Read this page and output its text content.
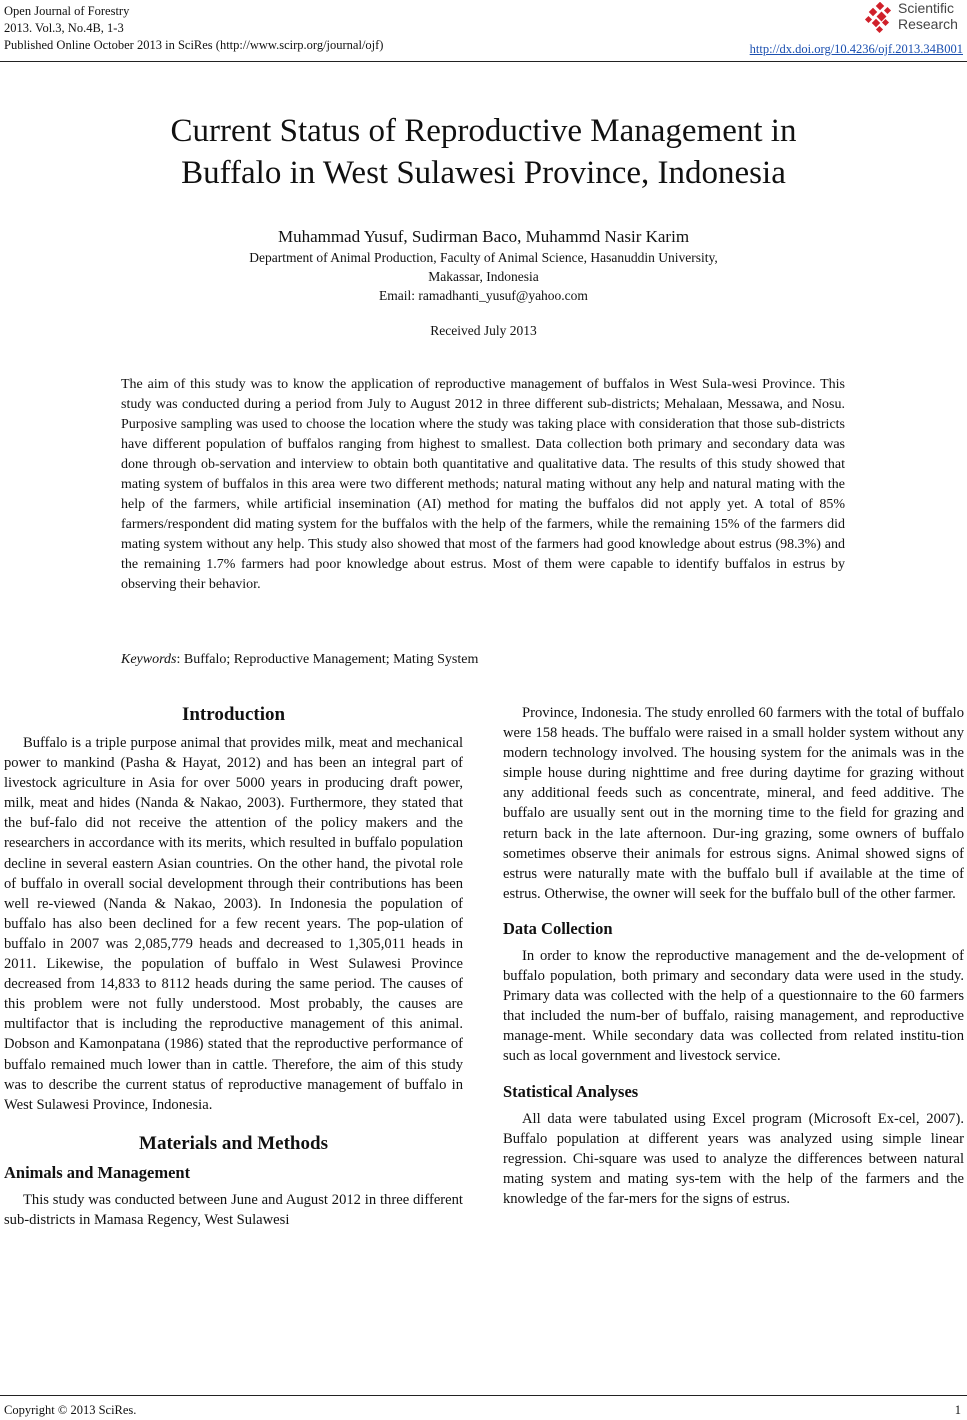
Open Journal of Forestry
2013. Vol.3, No.4B, 1-3
Published Online October 2013 in SciRes (http://www.scirp.org/journal/ojf)
Scientific
Research
http://dx.doi.org/10.4236/ojf.2013.34B001
Current Status of Reproductive Management in
Buffalo in West Sulawesi Province, Indonesia
Muhammad Yusuf, Sudirman Baco, Muhammd Nasir Karim
Department of Animal Production, Faculty of Animal Science, Hasanuddin University,
Makassar, Indonesia
Email: ramadhanti_yusuf@yahoo.com
Received July 2013
The aim of this study was to know the application of reproductive management of buffalos in West Sula-wesi Province. This study was conducted during a period from July to August 2012 in three different sub-districts; Mehalaan, Messawa, and Nosu. Purposive sampling was used to choose the location where the study was taking place with consideration that those sub-districts have different population of buffalos ranging from highest to smallest. Data collection both primary and secondary data was done through ob-servation and interview to obtain both quantitative and qualitative data. The results of this study showed that mating system of buffalos in this area were two different methods; natural mating without any help and natural mating with the help of the farmers, while artificial insemination (AI) method for mating the buffalos did not apply yet. A total of 85% farmers/respondent did mating system for the buffalos with the help of the farmers, while the remaining 15% of the farmers did mating system without any help. This study also showed that most of the farmers had good knowledge about estrus (98.3%) and the remaining 1.7% farmers had poor knowledge about estrus. Most of them were capable to identify buffalos in estrus by observing their behavior.
Keywords: Buffalo; Reproductive Management; Mating System
Introduction

Buffalo is a triple purpose animal that provides milk, meat and mechanical power to mankind (Pasha & Hayat, 2012) and has been an integral part of livestock agriculture in Asia for over 5000 years in producing draft power, milk, meat and hides (Nanda & Nakao, 2003). Furthermore, they stated that the buf-falo did not receive the attention of the policy makers and the researchers in accordance with its merits, which resulted in buffalo population decline in several eastern Asian countries. On the other hand, the pivotal role of buffalo in overall social development through their contributions has been well re-viewed (Nanda & Nakao, 2003). In Indonesia the population of buffalo has also been declined for a few recent years. The pop-ulation of buffalo in 2007 was 2,085,779 heads and decreased to 1,305,011 heads in 2011. Likewise, the population of buffalo in West Sulawesi Province decreased from 14,833 to 8112 heads during the same period. The causes of this problem were not fully understood. Most probably, the causes are multifactor that is including the reproductive management of this animal. Dobson and Kamonpatana (1986) stated that the reproductive performance of buffalo remained much lower than in cattle. Therefore, the aim of this study was to describe the current status of reproductive management of buffalo in West Sulawesi Province, Indonesia.

Materials and Methods
Animals and Management

This study was conducted between June and August 2012 in three different sub-districts in Mamasa Regency, West Sulawesi

Province, Indonesia. The study enrolled 60 farmers with the total of buffalo were 158 heads. The buffalo were raised in a small holder system without any modern technology involved. The housing system for the animals was in the simple house during nighttime and free during daytime for grazing without any additional feeds such as concentrate, mineral, and feed additive. The buffalo are usually sent out in the morning time to the field for grazing and return back in the late afternoon. Dur-ing grazing, some owners of buffalo sometimes observe their animals for estrous signs. Animal showed signs of estrus were naturally mate with the buffalo bull if available at the time of estrus. Otherwise, the owner will seek for the buffalo bull of the other farmer.

Data Collection

In order to know the reproductive management and the de-velopment of buffalo population, both primary and secondary data were used in the study. Primary data was collected with the help of a questionnaire to the 60 farmers that included the num-ber of buffalo, raising management, and reproductive manage-ment. While secondary data was collected from related institu-tion such as local government and livestock service.

Statistical Analyses

All data were tabulated using Excel program (Microsoft Ex-cel, 2007). Buffalo population at different years was analyzed using simple linear regression. Chi-square was used to analyze the differences between natural mating system and mating sys-tem with the help of the farmers and the knowledge of the far-mers for the signs of estrus.

Copyright © 2013 SciRes.	1
